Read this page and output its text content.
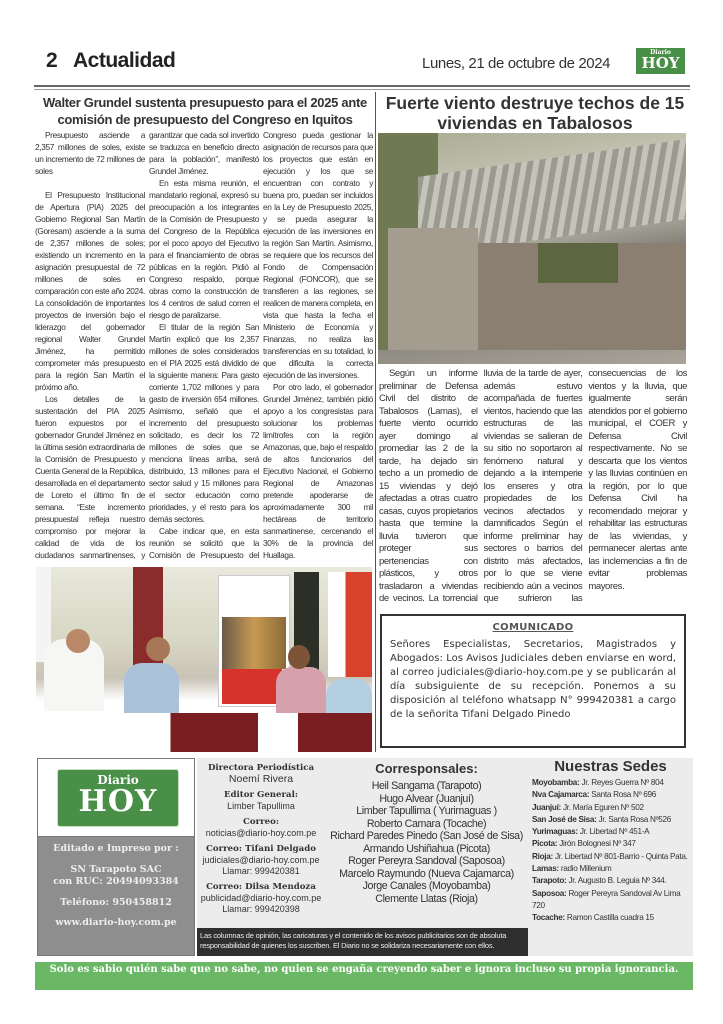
2 Actualidad	Lunes, 21 de octubre de 2024
Diario
HOY
Walter Grundel sustenta presupuesto para el 2025 ante comisión de presupuesto del Congreso en Iquitos

Presupuesto asciende a 2,357 millones de soles, existe un incremento de 72 millones de soles

El Presupuesto Institucional de Apertura (PIA) 2025 del Gobierno Regional San Martín (Goresam) asciende a la suma de 2,357 millones de soles; existiendo un incremento en la asignación presupuestal de 72 millones de soles en comparación con este año 2024. La consolidación de importantes proyectos de inversión bajo el liderazgo del gobernador regional Walter Grundel Jiménez, ha permitido comprometer más presupuesto para la región San Martín el próximo año.

Los detalles de la sustentación del PIA 2025 fueron expuestos por el gobernador Grundel Jiménez en la última sesión extraordinaria de la Comisión de Presupuesto y Cuenta General de la República, desarrollada en el departamento de Loreto el último fin de semana. “Este incremento presupuestal refleja nuestro compromiso por mejorar la calidad de vida de los ciudadanos sanmartinenses, y garantizar que cada sol invertido se traduzca en beneficio directo para la población”, manifestó Grundel Jiménez.

En esta misma reunión, el mandatario regional, expresó su preocupación a los integrantes de la Comisión de Presupuesto del Congreso de la República por el poco apoyo del Ejecutivo para el financiamiento de obras públicas en la región. Pidió al Congreso respaldo, porque obras como la construcción de los 4 centros de salud corren el riesgo de paralizarse.

El titular de la región San Martín explicó que los 2,357 millones de soles considerados en el PIA 2025 está dividido de la siguiente manera: Para gasto corriente 1,702 millones y para gasto de inversión 654 millones. Asimismo, señaló que el incremento del presupuesto solicitado, es decir los 72 millones de soles que se menciona líneas arriba, será distribuido, 13 millones para el sector salud y 15 millones para el sector educación como prioridades, y el resto para los demás sectores.

Cabe indicar que, en esta reunión se solicitó que la Comisión de Presupuesto del Congreso pueda gestionar la asignación de recursos para que los proyectos que están en ejecución y los que se encuentran con contrato y buena pro, puedan ser incluidos en la Ley de Presupuesto 2025, y se pueda asegurar la ejecución de las inversiones en la región San Martín. Asimismo, se requiere que los recursos del Fondo de Compensación Regional (FONCOR), que se transfieren a las regiones, se realicen de manera completa, en vista que hasta la fecha el Ministerio de Economía y Finanzas, no realiza las transferencias en su totalidad, lo que dificulta la correcta ejecución de las inversiones.

Por otro lado, el gobernador Grundel Jiménez, también pidió apoyo a los congresistas para solucionar los problemas limítrofes con la región Amazonas, que, bajo el respaldo de altos funcionarios del Ejecutivo Nacional, el Gobierno Regional de Amazonas pretende apoderarse de aproximadamente 300 mil hectáreas de territorio sanmartinense, cercenando el 30% de la provincia del Huallaga.

Fuerte viento destruye techos de 15 viviendas en Tabalosos

Según un informe preliminar de Defensa Civil del distrito de Tabalosos (Lamas), el fuerte viento ocurrido ayer domingo al promediar las 2 de la tarde, ha dejado sin techo a un promedio de 15 viviendas y dejó afectadas a otras cuatro casas, cuyos propietarios hasta que termine la lluvia tuvieron que proteger sus pertenencias con plásticos, y otros trasladaron a viviendas de vecinos. La torrencial lluvia de la tarde de ayer, además estuvo acompañada de fuertes vientos, haciendo que las estructuras de las viviendas se salieran de su sitio no soportaron al fenómeno natural y dejando a la intemperie los enseres y otra propiedades de los vecinos afectados y damnificados Según el informe preliminar hay sectores o barrios del distrito más afectados, por lo que se viene recibiendo aún a vecinos que sufrieron las consecuencias de los vientos y la lluvia, que igualmente serán atendidos por el gobierno municipal, el COER y Defensa Civil respectivamente. No se descarta que los vientos y las lluvias continúen en la región, por lo que Defensa Civil ha recomendado mejorar y rehabilitar las estructuras de las viviendas, y permanecer alertas ante las inclemencias a fin de evitar problemas mayores.

COMUNICADO
Señores Especialistas, Secretarios, Magistrados y Abogados: Los Avisos Judiciales deben enviarse en word, al correo judiciales@diario-hoy.com.pe y se publicarán al día subsiguiente de su recepción. Ponemos a su disposición al teléfono whatsapp N° 999420381 a cargo de la señorita Tifani Delgado Pinedo
Diario
HOY
Editado e Impreso por :
SN Tarapoto SAC
con RUC: 20494093384
Teléfono: 950458812
www.diario-hoy.com.pe
Directora Periodística
Noemí Rivera
Editor General:
Limber Tapullima
Correo:
noticias@diario-hoy.com.pe
Correo: Tifani Delgado
judiciales@diario-hoy.com.pe
Llamar: 999420381
Correo: Dilsa Mendoza
publicidad@diario-hoy.com.pe
Llamar: 999420398
Corresponsales:
Heil Sangama (Tarapoto)
Hugo Alvear (Juanjuí)
Limber Tapullima ( Yurimaguas )
Roberto Camara (Tocache)
Richard Paredes Pinedo (San José de Sisa)
Armando Ushiñahua (Picota)
Roger Pereyra Sandoval (Saposoa)
Marcelo Raymundo (Nueva Cajamarca)
Jorge Canales (Moyobamba)
Clemente Llatas (Rioja)
Las columnas de opinión, las caricaturas y el contenido de los avisos publicitarios son de absoluta responsabilidad de quienes los suscriben. El Diario no se solidariza necesariamente con ellos.
Nuestras Sedes
Moyobamba: Jr. Reyes Guerra Nº 804
Nva Cajamarca: Santa Rosa Nº 696
Juanjuí: Jr. María Eguren Nº 502
San José de Sisa: Jr. Santa Rosa Nº526
Yurimaguas: Jr. Libertad Nº 451-A
Picota: Jirón Bolognesi Nº 347
Rioja: Jr. Libertad Nº 801-Barrio - Quinta Pata.
Lamas: radio Millenium
Tarapoto: Jr. Augusto B. Leguia Nº 344.
Saposoa: Roger Pereyra Sandoval Av Lima 720
Tocache: Ramon Castilla cuadra 15
Solo es sabio quién sabe que no sabe, no quien se engaña creyendo saber e ignora incluso su propia ignorancia.
